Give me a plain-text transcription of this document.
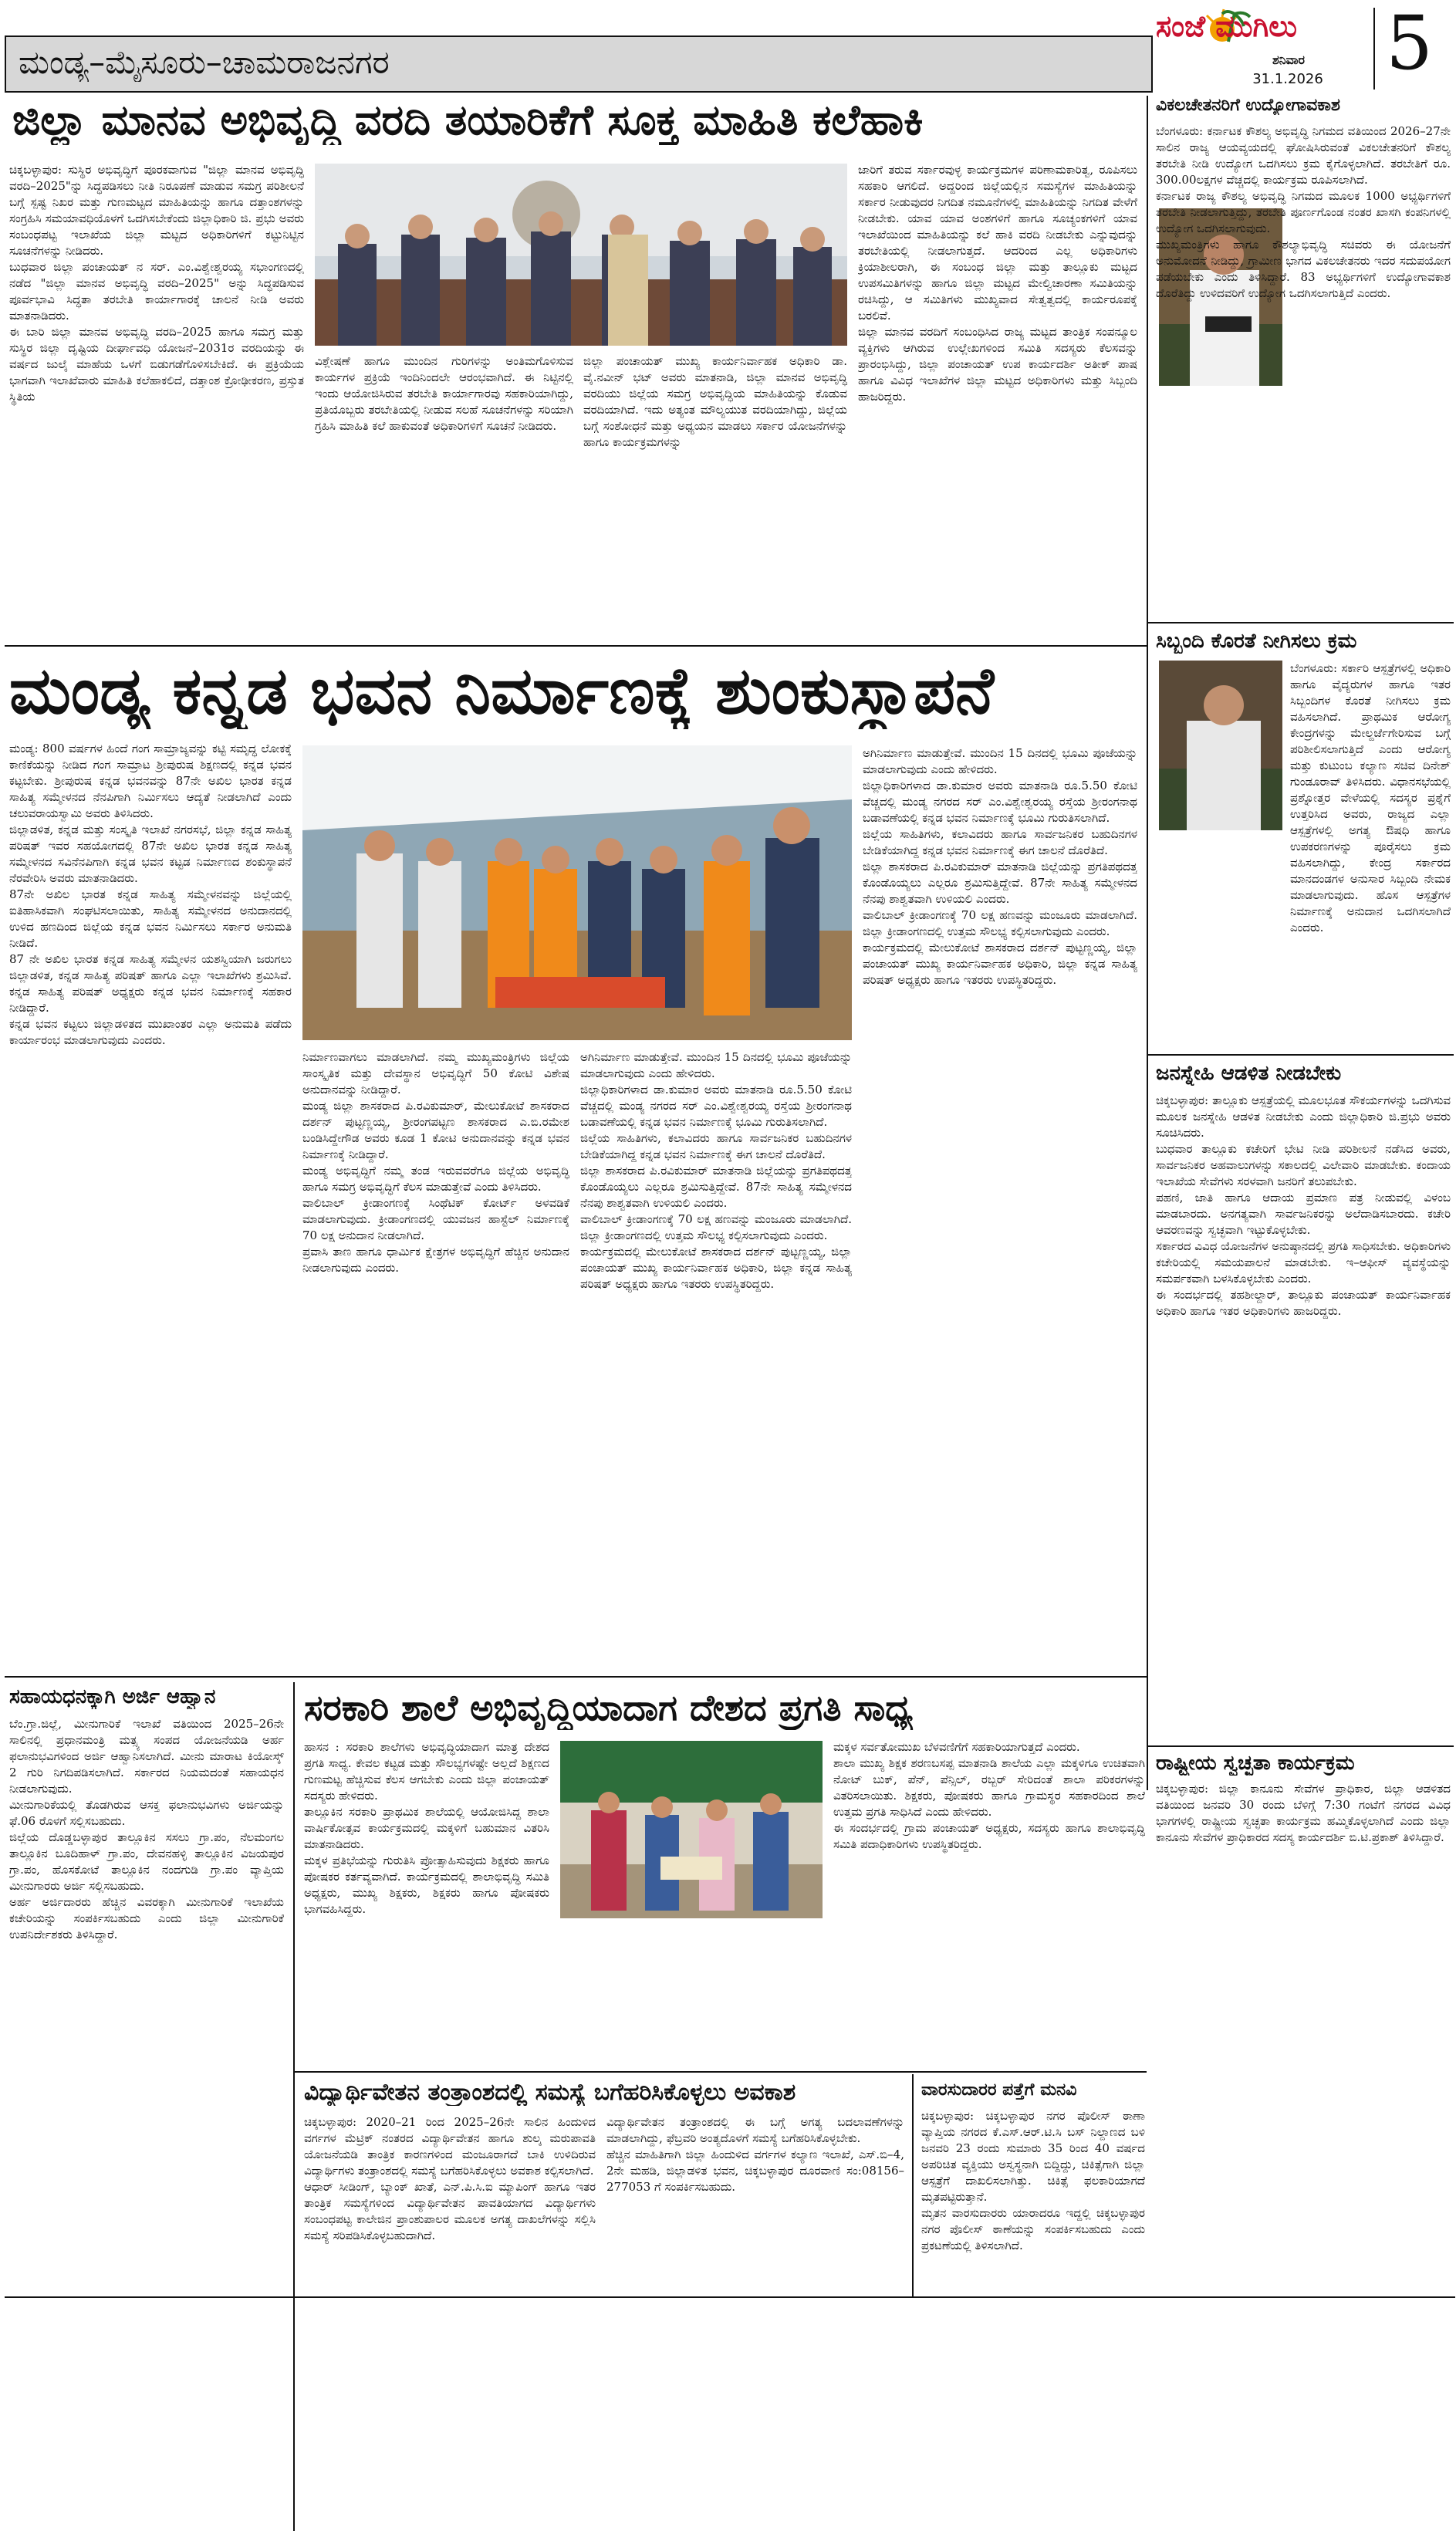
ಮಂಡ್ಯ–ಮೈಸೂರು–ಚಾಮರಾಜನಗರ
ಸಂಜೆ ಮುಗಿಲು
ಶನಿವಾರ
31.1.2026 5
ಜಿಲ್ಲಾ ಮಾನವ ಅಭಿವೃದ್ಧಿ ವರದಿ ತಯಾರಿಕೆಗೆ ಸೂಕ್ತ ಮಾಹಿತಿ ಕಲೆಹಾಕಿ
ಚಿಕ್ಕಬಳ್ಳಾಪುರ: ಸುಸ್ಥಿರ ಅಭಿವೃದ್ಧಿಗೆ ಪೂರಕವಾಗುವ "ಜಿಲ್ಲಾ ಮಾನವ ಅಭಿವೃದ್ಧಿ ವರದಿ–2025"ನ್ನು ಸಿದ್ಧಪಡಿಸಲು ನೀತಿ ನಿರೂಪಣೆ ಮಾಡುವ ಸಮಗ್ರ ಪರಿಶೀಲನೆ ಬಗ್ಗೆ ಸ್ಪಷ್ಟ ನಿಖರ ಮತ್ತು ಗುಣಮಟ್ಟದ ಮಾಹಿತಿಯನ್ನು ಹಾಗೂ ದತ್ತಾಂಶಗಳನ್ನು ಸಂಗ್ರಹಿಸಿ ಸಮಯಾವಧಿಯೊಳಗೆ ಒದಗಿಸಬೇಕೆಂದು ಜಿಲ್ಲಾಧಿಕಾರಿ ಜಿ. ಪ್ರಭು ಅವರು ಸಂಬಂಧಪಟ್ಟ ಇಲಾಖೆಯ ಜಿಲ್ಲಾ ಮಟ್ಟದ ಅಧಿಕಾರಿಗಳಿಗೆ ಕಟ್ಟುನಿಟ್ಟಿನ ಸೂಚನೆಗಳನ್ನು ನೀಡಿದರು.
ಬುಧವಾರ ಜಿಲ್ಲಾ ಪಂಚಾಯತ್ ನ ಸರ್. ಎಂ.ವಿಶ್ವೇಶ್ವರಯ್ಯ ಸಭಾಂಗಣದಲ್ಲಿ ನಡೆದ "ಜಿಲ್ಲಾ ಮಾನವ ಅಭಿವೃದ್ಧಿ ವರದಿ–2025" ಅನ್ನು ಸಿದ್ಧಪಡಿಸುವ ಪೂರ್ವಭಾವಿ ಸಿದ್ಧತಾ ತರಬೇತಿ ಕಾರ್ಯಾಗಾರಕ್ಕೆ ಚಾಲನೆ ನೀಡಿ ಅವರು ಮಾತನಾಡಿದರು.
ಈ ಬಾರಿ ಜಿಲ್ಲಾ ಮಾನವ ಅಭಿವೃದ್ಧಿ ವರದಿ–2025 ಹಾಗೂ ಸಮಗ್ರ ಮತ್ತು ಸುಸ್ಥಿರ ಜಿಲ್ಲಾ ದೃಷ್ಟಿಯ ದೀರ್ಘಾವಧಿ ಯೋಜನೆ–2031ರ ವರದಿಯನ್ನು ಈ ವರ್ಷದ ಜುಲೈ ಮಾಹೆಯ ಒಳಗೆ ಬಿಡುಗಡೆಗೊಳಿಸಬೇಕಿದೆ. ಈ ಪ್ರಕ್ರಿಯೆಯ ಭಾಗವಾಗಿ ಇಲಾಖೆವಾರು ಮಾಹಿತಿ ಕಲೆಹಾಕಲಿದೆ, ದತ್ತಾಂಶ ಕ್ರೋಢೀಕರಣ, ಪ್ರಸ್ತುತ ಸ್ಥಿತಿಯ
ವಿಶ್ಲೇಷಣೆ ಹಾಗೂ ಮುಂದಿನ ಗುರಿಗಳನ್ನು ಅಂತಿಮಗೊಳಿಸುವ ಕಾರ್ಯಗಳ ಪ್ರಕ್ರಿಯೆ ಇಂದಿನಿಂದಲೇ ಆರಂಭವಾಗಿದೆ. ಈ ನಿಟ್ಟಿನಲ್ಲಿ ಇಂದು ಆಯೋಜಿಸಿರುವ ತರಬೇತಿ ಕಾರ್ಯಾಗಾರವು ಸಹಕಾರಿಯಾಗಿದ್ದು, ಪ್ರತಿಯೊಬ್ಬರು ತರಬೇತಿಯಲ್ಲಿ ನೀಡುವ ಸಲಹೆ ಸೂಚನೆಗಳನ್ನು ಸರಿಯಾಗಿ ಗ್ರಹಿಸಿ ಮಾಹಿತಿ ಕಲೆ ಹಾಕುವಂತೆ ಅಧಿಕಾರಿಗಳಿಗೆ ಸೂಚನೆ ನೀಡಿದರು.
ಜಿಲ್ಲಾ ಪಂಚಾಯತ್ ಮುಖ್ಯ ಕಾರ್ಯನಿರ್ವಾಹಕ ಅಧಿಕಾರಿ ಡಾ. ವೈ.ನವೀನ್ ಭಟ್ ಅವರು ಮಾತನಾಡಿ, ಜಿಲ್ಲಾ ಮಾನವ ಅಭಿವೃದ್ಧಿ ವರದಿಯು ಜಿಲ್ಲೆಯ ಸಮಗ್ರ ಅಭಿವೃದ್ಧಿಯ ಮಾಹಿತಿಯನ್ನು ಕೊಡುವ ವರದಿಯಾಗಿದೆ. ಇದು ಅತ್ಯಂತ ಮೌಲ್ಯಯುತ ವರದಿಯಾಗಿದ್ದು, ಜಿಲ್ಲೆಯ ಬಗ್ಗೆ ಸಂಶೋಧನೆ ಮತ್ತು ಅಧ್ಯಯನ ಮಾಡಲು ಸರ್ಕಾರ ಯೋಜನೆಗಳನ್ನು ಹಾಗೂ ಕಾರ್ಯಕ್ರಮಗಳನ್ನು
ಜಾರಿಗೆ ತರುವ ಸರ್ಕಾರವುಳ್ಳ ಕಾರ್ಯಕ್ರಮಗಳ ಪರಿಣಾಮಕಾರಿತ್ವ, ರೂಪಿಸಲು ಸಹಕಾರಿ ಆಗಲಿದೆ. ಅದ್ದರಿಂದ ಜಿಲ್ಲೆಯಲ್ಲಿನ ಸಮಸ್ಯೆಗಳ ಮಾಹಿತಿಯನ್ನು ಸರ್ಕಾರ ನೀಡುವುದರ ನಿಗದಿತ ನಮೂನೆಗಳಲ್ಲಿ ಮಾಹಿತಿಯನ್ನು ನಿಗದಿತ ವೇಳೆಗೆ ನೀಡಬೇಕು. ಯಾವ ಯಾವ ಅಂಶಗಳಿಗೆ ಹಾಗೂ ಸೂಚ್ಯಂಕಗಳಿಗೆ ಯಾವ ಇಲಾಖೆಯಿಂದ ಮಾಹಿತಿಯನ್ನು ಕಲೆ ಹಾಕಿ ವರದಿ ನೀಡಬೇಕು ಎನ್ನುವುದನ್ನು ತರಬೇತಿಯಲ್ಲಿ ನೀಡಲಾಗುತ್ತದೆ. ಆದರಿಂದ ಎಲ್ಲ ಅಧಿಕಾರಿಗಳು ಕ್ರಿಯಾಶೀಲರಾಗಿ, ಈ ಸಂಬಂಧ ಜಿಲ್ಲಾ ಮತ್ತು ತಾಲ್ಲೂಕು ಮಟ್ಟದ ಉಪಸಮಿತಿಗಳನ್ನು ಹಾಗೂ ಜಿಲ್ಲಾ ಮಟ್ಟದ ಮೇಲ್ವಿಚಾರಣಾ ಸಮಿತಿಯನ್ನು ರಚಿಸಿದ್ದು, ಆ ಸಮಿತಿಗಳು ಮುಖ್ಯವಾದ ಸೇತ್ವತ್ವದಲ್ಲಿ ಕಾರ್ಯರೂಪಕ್ಕೆ ಬರಲಿವೆ.
ಜಿಲ್ಲಾ ಮಾನವ ವರದಿಗೆ ಸಂಬಂಧಿಸಿದ ರಾಜ್ಯ ಮಟ್ಟದ ತಾಂತ್ರಿಕ ಸಂಪನ್ಮೂಲ ವ್ಯಕ್ತಿಗಳು ಆಗಿರುವ ಉಲ್ಲೇಖಗಳಿಂದ ಸಮಿತಿ ಸದಸ್ಯರು ಕೆಲಸವನ್ನು ಪ್ರಾರಂಭಿಸಿದ್ದು, ಜಿಲ್ಲಾ ಪಂಚಾಯತ್ ಉಪ ಕಾರ್ಯದರ್ಶಿ ಅತೀಕ್ ಪಾಷ ಹಾಗೂ ವಿವಿಧ ಇಲಾಖೆಗಳ ಜಿಲ್ಲಾ ಮಟ್ಟದ ಅಧಿಕಾರಿಗಳು ಮತ್ತು ಸಿಬ್ಬಂದಿ ಹಾಜರಿದ್ದರು.
ಮಂಡ್ಯ ಕನ್ನಡ ಭವನ ನಿರ್ಮಾಣಕ್ಕೆ ಶುಂಕುಸ್ಥಾಪನೆ
ಮಂಡ್ಯ: 800 ವರ್ಷಗಳ ಹಿಂದೆ ಗಂಗ ಸಾಮ್ರಾಜ್ಯವನ್ನು ಕಟ್ಟಿ ಸಮೃದ್ಧ ಲೋಕಕ್ಕೆ ಕಾಣಿಕೆಯನ್ನು ನೀಡಿದ ಗಂಗ ಸಾಮ್ರಾಟ ಶ್ರೀಪುರುಷ ಶಿಕ್ಷಣದಲ್ಲಿ ಕನ್ನಡ ಭವನ ಕಟ್ಟಬೇಕು. ಶ್ರೀಪುರುಷ ಕನ್ನಡ ಭವನವನ್ನು 87ನೇ ಅಖಿಲ ಭಾರತ ಕನ್ನಡ ಸಾಹಿತ್ಯ ಸಮ್ಮೇಳನದ ನೆನಪಿಗಾಗಿ ನಿರ್ಮಿಸಲು ಆದ್ಯತೆ ನೀಡಲಾಗಿದೆ ಎಂದು ಚಲುವರಾಯಸ್ವಾಮಿ ಅವರು ತಿಳಿಸಿದರು.
ಜಿಲ್ಲಾಡಳಿತ, ಕನ್ನಡ ಮತ್ತು ಸಂಸ್ಕೃತಿ ಇಲಾಖೆ ನಗರಸಭೆ, ಜಿಲ್ಲಾ ಕನ್ನಡ ಸಾಹಿತ್ಯ ಪರಿಷತ್ ಇವರ ಸಹಯೋಗದಲ್ಲಿ 87ನೇ ಅಖಿಲ ಭಾರತ ಕನ್ನಡ ಸಾಹಿತ್ಯ ಸಮ್ಮೇಳನದ ಸವಿನೆನಪಿಗಾಗಿ ಕನ್ನಡ ಭವನ ಕಟ್ಟಡ ನಿರ್ಮಾಣದ ಶಂಕುಸ್ಥಾಪನೆ ನೆರವೇರಿಸಿ ಅವರು ಮಾತನಾಡಿದರು.
87ನೇ ಅಖಿಲ ಭಾರತ ಕನ್ನಡ ಸಾಹಿತ್ಯ ಸಮ್ಮೇಳನವನ್ನು ಜಿಲ್ಲೆಯಲ್ಲಿ ಐತಿಹಾಸಿಕವಾಗಿ ಸಂಘಟಿಸಲಾಯಿತು, ಸಾಹಿತ್ಯ ಸಮ್ಮೇಳನದ ಅನುದಾನದಲ್ಲಿ ಉಳಿದ ಹಣದಿಂದ ಜಿಲ್ಲೆಯ ಕನ್ನಡ ಭವನ ನಿರ್ಮಿಸಲು ಸರ್ಕಾರ ಅನುಮತಿ ನೀಡಿದೆ.
87 ನೇ ಅಖಿಲ ಭಾರತ ಕನ್ನಡ ಸಾಹಿತ್ಯ ಸಮ್ಮೇಳನ ಯಶಸ್ವಿಯಾಗಿ ಜರುಗಲು ಜಿಲ್ಲಾಡಳಿತ, ಕನ್ನಡ ಸಾಹಿತ್ಯ ಪರಿಷತ್ ಹಾಗೂ ಎಲ್ಲಾ ಇಲಾಖೆಗಳು ಶ್ರಮಿಸಿವೆ. ಕನ್ನಡ ಸಾಹಿತ್ಯ ಪರಿಷತ್ ಅಧ್ಯಕ್ಷರು ಕನ್ನಡ ಭವನ ನಿರ್ಮಾಣಕ್ಕೆ ಸಹಕಾರ ನೀಡಿದ್ದಾರೆ.
ಕನ್ನಡ ಭವನ ಕಟ್ಟಲು ಜಿಲ್ಲಾಡಳಿತದ ಮುಖಾಂತರ ಎಲ್ಲಾ ಅನುಮತಿ ಪಡೆದು ಕಾರ್ಯಾರಂಭ ಮಾಡಲಾಗುವುದು ಎಂದರು.
ನಿರ್ಮಾಣವಾಗಲು ಮಾಡಲಾಗಿದೆ. ನಮ್ಮ ಮುಖ್ಯಮಂತ್ರಿಗಳು ಜಿಲ್ಲೆಯ ಸಾಂಸ್ಕೃತಿಕ ಮತ್ತು ದೇವಸ್ಥಾನ ಅಭಿವೃದ್ಧಿಗೆ 50 ಕೋಟಿ ವಿಶೇಷ ಅನುದಾನವನ್ನು ನೀಡಿದ್ದಾರೆ.
ಮಂಡ್ಯ ಜಿಲ್ಲಾ ಶಾಸಕರಾದ ಪಿ.ರವಿಕುಮಾರ್, ಮೇಲುಕೋಟೆ ಶಾಸಕರಾದ ದರ್ಶನ್ ಪುಟ್ಟಣ್ಣಯ್ಯ, ಶ್ರೀರಂಗಪಟ್ಟಣ ಶಾಸಕರಾದ ಎ.ಬಿ.ರಮೇಶ ಬಂಡಿಸಿದ್ದೇಗೌಡ ಅವರು ಕೂಡ 1 ಕೋಟಿ ಅನುದಾನವನ್ನು ಕನ್ನಡ ಭವನ ನಿರ್ಮಾಣಕ್ಕೆ ನೀಡಿದ್ದಾರೆ.
ಮಂಡ್ಯ ಅಭಿವೃದ್ಧಿಗೆ ನಮ್ಮ ತಂಡ ಇರುವವರೆಗೂ ಜಿಲ್ಲೆಯ ಅಭಿವೃದ್ಧಿ ಹಾಗೂ ಸಮಗ್ರ ಅಭಿವೃದ್ಧಿಗೆ ಕೆಲಸ ಮಾಡುತ್ತೇವೆ ಎಂದು ತಿಳಿಸಿದರು.
ವಾಲಿಬಾಲ್ ಕ್ರೀಡಾಂಗಣಕ್ಕೆ ಸಿಂಥೆಟಿಕ್ ಕೋರ್ಟ್ ಅಳವಡಿಕೆ ಮಾಡಲಾಗುವುದು. ಕ್ರೀಡಾಂಗಣದಲ್ಲಿ ಯುವಜನ ಹಾಸ್ಟೆಲ್ ನಿರ್ಮಾಣಕ್ಕೆ 70 ಲಕ್ಷ ಅನುದಾನ ನೀಡಲಾಗಿದೆ.
ಪ್ರವಾಸಿ ತಾಣ ಹಾಗೂ ಧಾರ್ಮಿಕ ಕ್ಷೇತ್ರಗಳ ಅಭಿವೃದ್ಧಿಗೆ ಹೆಚ್ಚಿನ ಅನುದಾನ ನೀಡಲಾಗುವುದು ಎಂದರು.
ಅಗಿನಿರ್ಮಾಣ ಮಾಡುತ್ತೇವೆ. ಮುಂದಿನ 15 ದಿನದಲ್ಲಿ ಭೂಮಿ ಪೂಜೆಯನ್ನು ಮಾಡಲಾಗುವುದು ಎಂದು ಹೇಳಿದರು.
ಜಿಲ್ಲಾಧಿಕಾರಿಗಳಾದ ಡಾ.ಕುಮಾರ ಅವರು ಮಾತನಾಡಿ ರೂ.5.50 ಕೋಟಿ ವೆಚ್ಚದಲ್ಲಿ ಮಂಡ್ಯ ನಗರದ ಸರ್ ಎಂ.ವಿಶ್ವೇಶ್ವರಯ್ಯ ರಸ್ತೆಯ ಶ್ರೀರಂಗನಾಥ ಬಡಾವಣೆಯಲ್ಲಿ ಕನ್ನಡ ಭವನ ನಿರ್ಮಾಣಕ್ಕೆ ಭೂಮಿ ಗುರುತಿಸಲಾಗಿದೆ.
ಜಿಲ್ಲೆಯ ಸಾಹಿತಿಗಳು, ಕಲಾವಿದರು ಹಾಗೂ ಸಾರ್ವಜನಿಕರ ಬಹುದಿನಗಳ ಬೇಡಿಕೆಯಾಗಿದ್ದ ಕನ್ನಡ ಭವನ ನಿರ್ಮಾಣಕ್ಕೆ ಈಗ ಚಾಲನೆ ದೊರೆತಿದೆ.
ಜಿಲ್ಲಾ ಶಾಸಕರಾದ ಪಿ.ರವಿಕುಮಾರ್ ಮಾತನಾಡಿ ಜಿಲ್ಲೆಯನ್ನು ಪ್ರಗತಿಪಥದತ್ತ ಕೊಂಡೊಯ್ಯಲು ಎಲ್ಲರೂ ಶ್ರಮಿಸುತ್ತಿದ್ದೇವೆ. 87ನೇ ಸಾಹಿತ್ಯ ಸಮ್ಮೇಳನದ ನೆನಪು ಶಾಶ್ವತವಾಗಿ ಉಳಿಯಲಿ ಎಂದರು.
ವಾಲಿಬಾಲ್ ಕ್ರೀಡಾಂಗಣಕ್ಕೆ 70 ಲಕ್ಷ ಹಣವನ್ನು ಮಂಜೂರು ಮಾಡಲಾಗಿದೆ. ಜಿಲ್ಲಾ ಕ್ರೀಡಾಂಗಣದಲ್ಲಿ ಉತ್ತಮ ಸೌಲಭ್ಯ ಕಲ್ಪಿಸಲಾಗುವುದು ಎಂದರು.
ಕಾರ್ಯಕ್ರಮದಲ್ಲಿ ಮೇಲುಕೋಟೆ ಶಾಸಕರಾದ ದರ್ಶನ್ ಪುಟ್ಟಣ್ಣಯ್ಯ, ಜಿಲ್ಲಾ ಪಂಚಾಯತ್ ಮುಖ್ಯ ಕಾರ್ಯನಿರ್ವಾಹಕ ಅಧಿಕಾರಿ, ಜಿಲ್ಲಾ ಕನ್ನಡ ಸಾಹಿತ್ಯ ಪರಿಷತ್ ಅಧ್ಯಕ್ಷರು ಹಾಗೂ ಇತರರು ಉಪಸ್ಥಿತರಿದ್ದರು.
ಅಗಿನಿರ್ಮಾಣ ಮಾಡುತ್ತೇವೆ. ಮುಂದಿನ 15 ದಿನದಲ್ಲಿ ಭೂಮಿ ಪೂಜೆಯನ್ನು ಮಾಡಲಾಗುವುದು ಎಂದು ಹೇಳಿದರು.
ಜಿಲ್ಲಾಧಿಕಾರಿಗಳಾದ ಡಾ.ಕುಮಾರ ಅವರು ಮಾತನಾಡಿ ರೂ.5.50 ಕೋಟಿ ವೆಚ್ಚದಲ್ಲಿ ಮಂಡ್ಯ ನಗರದ ಸರ್ ಎಂ.ವಿಶ್ವೇಶ್ವರಯ್ಯ ರಸ್ತೆಯ ಶ್ರೀರಂಗನಾಥ ಬಡಾವಣೆಯಲ್ಲಿ ಕನ್ನಡ ಭವನ ನಿರ್ಮಾಣಕ್ಕೆ ಭೂಮಿ ಗುರುತಿಸಲಾಗಿದೆ.
ಜಿಲ್ಲೆಯ ಸಾಹಿತಿಗಳು, ಕಲಾವಿದರು ಹಾಗೂ ಸಾರ್ವಜನಿಕರ ಬಹುದಿನಗಳ ಬೇಡಿಕೆಯಾಗಿದ್ದ ಕನ್ನಡ ಭವನ ನಿರ್ಮಾಣಕ್ಕೆ ಈಗ ಚಾಲನೆ ದೊರೆತಿದೆ.
ಜಿಲ್ಲಾ ಶಾಸಕರಾದ ಪಿ.ರವಿಕುಮಾರ್ ಮಾತನಾಡಿ ಜಿಲ್ಲೆಯನ್ನು ಪ್ರಗತಿಪಥದತ್ತ ಕೊಂಡೊಯ್ಯಲು ಎಲ್ಲರೂ ಶ್ರಮಿಸುತ್ತಿದ್ದೇವೆ. 87ನೇ ಸಾಹಿತ್ಯ ಸಮ್ಮೇಳನದ ನೆನಪು ಶಾಶ್ವತವಾಗಿ ಉಳಿಯಲಿ ಎಂದರು.
ವಾಲಿಬಾಲ್ ಕ್ರೀಡಾಂಗಣಕ್ಕೆ 70 ಲಕ್ಷ ಹಣವನ್ನು ಮಂಜೂರು ಮಾಡಲಾಗಿದೆ. ಜಿಲ್ಲಾ ಕ್ರೀಡಾಂಗಣದಲ್ಲಿ ಉತ್ತಮ ಸೌಲಭ್ಯ ಕಲ್ಪಿಸಲಾಗುವುದು ಎಂದರು.
ಕಾರ್ಯಕ್ರಮದಲ್ಲಿ ಮೇಲುಕೋಟೆ ಶಾಸಕರಾದ ದರ್ಶನ್ ಪುಟ್ಟಣ್ಣಯ್ಯ, ಜಿಲ್ಲಾ ಪಂಚಾಯತ್ ಮುಖ್ಯ ಕಾರ್ಯನಿರ್ವಾಹಕ ಅಧಿಕಾರಿ, ಜಿಲ್ಲಾ ಕನ್ನಡ ಸಾಹಿತ್ಯ ಪರಿಷತ್ ಅಧ್ಯಕ್ಷರು ಹಾಗೂ ಇತರರು ಉಪಸ್ಥಿತರಿದ್ದರು.
ಸಹಾಯಧನಕ್ಕಾಗಿ ಅರ್ಜಿ ಆಹ್ವಾನ
ಬೆಂ.ಗ್ರಾ.ಜಿಲ್ಲೆ, ಮೀನುಗಾರಿಕೆ ಇಲಾಖೆ ವತಿಯಿಂದ 2025–26ನೇ ಸಾಲಿನಲ್ಲಿ ಪ್ರಧಾನಮಂತ್ರಿ ಮತ್ಸ್ಯ ಸಂಪದ ಯೋಜನೆಯಡಿ ಅರ್ಹ ಫಲಾನುಭವಿಗಳಿಂದ ಅರ್ಜಿ ಆಹ್ವಾನಿಸಲಾಗಿದೆ. ಮೀನು ಮಾರಾಟ ಕಿಯೋಸ್ಕ್ 2 ಗುರಿ ನಿಗದಿಪಡಿಸಲಾಗಿದೆ. ಸರ್ಕಾರದ ನಿಯಮದಂತೆ ಸಹಾಯಧನ ನೀಡಲಾಗುವುದು.
ಮೀನುಗಾರಿಕೆಯಲ್ಲಿ ತೊಡಗಿರುವ ಆಸಕ್ತ ಫಲಾನುಭವಿಗಳು ಅರ್ಜಿಯನ್ನು ಫೆ.06 ರೊಳಗೆ ಸಲ್ಲಿಸಬಹುದು.
ಜಿಲ್ಲೆಯ ದೊಡ್ಡಬಳ್ಳಾಪುರ ತಾಲ್ಲೂಕಿನ ಸಸಲು ಗ್ರಾ.ಪಂ, ನೆಲಮಂಗಲ ತಾಲ್ಲೂಕಿನ ಬೂದಿಹಾಳ್ ಗ್ರಾ.ಪಂ, ದೇವನಹಳ್ಳಿ ತಾಲ್ಲೂಕಿನ ವಿಜಯಪುರ ಗ್ರಾ.ಪಂ, ಹೊಸಕೋಟೆ ತಾಲ್ಲೂಕಿನ ನಂದಗುಡಿ ಗ್ರಾ.ಪಂ ವ್ಯಾಪ್ತಿಯ ಮೀನುಗಾರರು ಅರ್ಜಿ ಸಲ್ಲಿಸಬಹುದು.
ಅರ್ಹ ಅರ್ಜಿದಾರರು ಹೆಚ್ಚಿನ ವಿವರಕ್ಕಾಗಿ ಮೀನುಗಾರಿಕೆ ಇಲಾಖೆಯ ಕಚೇರಿಯನ್ನು ಸಂಪರ್ಕಿಸಬಹುದು ಎಂದು ಜಿಲ್ಲಾ ಮೀನುಗಾರಿಕೆ ಉಪನಿರ್ದೇಶಕರು ತಿಳಿಸಿದ್ದಾರೆ.
ಸರಕಾರಿ ಶಾಲೆ ಅಭಿವೃದ್ಧಿಯಾದಾಗ ದೇಶದ ಪ್ರಗತಿ ಸಾಧ್ಯ
ಹಾಸನ : ಸರಕಾರಿ ಶಾಲೆಗಳು ಅಭಿವೃದ್ಧಿಯಾದಾಗ ಮಾತ್ರ ದೇಶದ ಪ್ರಗತಿ ಸಾಧ್ಯ. ಕೇವಲ ಕಟ್ಟಡ ಮತ್ತು ಸೌಲಭ್ಯಗಳಷ್ಟೇ ಅಲ್ಲದೆ ಶಿಕ್ಷಣದ ಗುಣಮಟ್ಟ ಹೆಚ್ಚಿಸುವ ಕೆಲಸ ಆಗಬೇಕು ಎಂದು ಜಿಲ್ಲಾ ಪಂಚಾಯತ್ ಸದಸ್ಯರು ಹೇಳಿದರು.
ತಾಲ್ಲೂಕಿನ ಸರಕಾರಿ ಪ್ರಾಥಮಿಕ ಶಾಲೆಯಲ್ಲಿ ಆಯೋಜಿಸಿದ್ದ ಶಾಲಾ ವಾರ್ಷಿಕೋತ್ಸವ ಕಾರ್ಯಕ್ರಮದಲ್ಲಿ ಮಕ್ಕಳಿಗೆ ಬಹುಮಾನ ವಿತರಿಸಿ ಮಾತನಾಡಿದರು.
ಮಕ್ಕಳ ಪ್ರತಿಭೆಯನ್ನು ಗುರುತಿಸಿ ಪ್ರೋತ್ಸಾಹಿಸುವುದು ಶಿಕ್ಷಕರು ಹಾಗೂ ಪೋಷಕರ ಕರ್ತವ್ಯವಾಗಿದೆ. ಕಾರ್ಯಕ್ರಮದಲ್ಲಿ ಶಾಲಾಭಿವೃದ್ಧಿ ಸಮಿತಿ ಅಧ್ಯಕ್ಷರು, ಮುಖ್ಯ ಶಿಕ್ಷಕರು, ಶಿಕ್ಷಕರು ಹಾಗೂ ಪೋಷಕರು ಭಾಗವಹಿಸಿದ್ದರು.
ಮಕ್ಕಳ ಸರ್ವತೋಮುಖ ಬೆಳವಣಿಗೆಗೆ ಸಹಕಾರಿಯಾಗುತ್ತದೆ ಎಂದರು.
ಶಾಲಾ ಮುಖ್ಯ ಶಿಕ್ಷಕ ಶರಣಬಸಪ್ಪ ಮಾತನಾಡಿ ಶಾಲೆಯ ಎಲ್ಲಾ ಮಕ್ಕಳಿಗೂ ಉಚಿತವಾಗಿ ನೋಟ್ ಬುಕ್, ಪೆನ್, ಪೆನ್ಸಿಲ್, ರಬ್ಬರ್ ಸೇರಿದಂತೆ ಶಾಲಾ ಪರಿಕರಗಳನ್ನು ವಿತರಿಸಲಾಯಿತು. ಶಿಕ್ಷಕರು, ಪೋಷಕರು ಹಾಗೂ ಗ್ರಾಮಸ್ಥರ ಸಹಕಾರದಿಂದ ಶಾಲೆ ಉತ್ತಮ ಪ್ರಗತಿ ಸಾಧಿಸಿದೆ ಎಂದು ಹೇಳಿದರು.
ಈ ಸಂದರ್ಭದಲ್ಲಿ ಗ್ರಾಮ ಪಂಚಾಯತ್ ಅಧ್ಯಕ್ಷರು, ಸದಸ್ಯರು ಹಾಗೂ ಶಾಲಾಭಿವೃದ್ಧಿ ಸಮಿತಿ ಪದಾಧಿಕಾರಿಗಳು ಉಪಸ್ಥಿತರಿದ್ದರು.
ವಿದ್ಯಾರ್ಥಿವೇತನ ತಂತ್ರಾಂಶದಲ್ಲಿ ಸಮಸ್ಯೆ ಬಗೆಹರಿಸಿಕೊಳ್ಳಲು ಅವಕಾಶ
ಚಿಕ್ಕಬಳ್ಳಾಪುರ: 2020–21 ರಿಂದ 2025–26ನೇ ಸಾಲಿನ ಹಿಂದುಳಿದ ವರ್ಗಗಳ ಮೆಟ್ರಿಕ್ ನಂತರದ ವಿದ್ಯಾರ್ಥಿವೇತನ ಹಾಗೂ ಶುಲ್ಕ ಮರುಪಾವತಿ ಯೋಜನೆಯಡಿ ತಾಂತ್ರಿಕ ಕಾರಣಗಳಿಂದ ಮಂಜೂರಾಗದೆ ಬಾಕಿ ಉಳಿದಿರುವ ವಿದ್ಯಾರ್ಥಿಗಳು ತಂತ್ರಾಂಶದಲ್ಲಿ ಸಮಸ್ಯೆ ಬಗೆಹರಿಸಿಕೊಳ್ಳಲು ಅವಕಾಶ ಕಲ್ಪಿಸಲಾಗಿದೆ.
ಆಧಾರ್ ಸೀಡಿಂಗ್, ಬ್ಯಾಂಕ್ ಖಾತೆ, ಎನ್.ಪಿ.ಸಿ.ಐ ಮ್ಯಾಪಿಂಗ್ ಹಾಗೂ ಇತರ ತಾಂತ್ರಿಕ ಸಮಸ್ಯೆಗಳಿಂದ ವಿದ್ಯಾರ್ಥಿವೇತನ ಪಾವತಿಯಾಗದ ವಿದ್ಯಾರ್ಥಿಗಳು ಸಂಬಂಧಪಟ್ಟ ಕಾಲೇಜಿನ ಪ್ರಾಂಶುಪಾಲರ ಮೂಲಕ ಅಗತ್ಯ ದಾಖಲೆಗಳನ್ನು ಸಲ್ಲಿಸಿ ಸಮಸ್ಯೆ ಸರಿಪಡಿಸಿಕೊಳ್ಳಬಹುದಾಗಿದೆ.
ವಿದ್ಯಾರ್ಥಿವೇತನ ತಂತ್ರಾಂಶದಲ್ಲಿ ಈ ಬಗ್ಗೆ ಅಗತ್ಯ ಬದಲಾವಣೆಗಳನ್ನು ಮಾಡಲಾಗಿದ್ದು, ಫೆಬ್ರವರಿ ಅಂತ್ಯದೊಳಗೆ ಸಮಸ್ಯೆ ಬಗೆಹರಿಸಿಕೊಳ್ಳಬೇಕು.
ಹೆಚ್ಚಿನ ಮಾಹಿತಿಗಾಗಿ ಜಿಲ್ಲಾ ಹಿಂದುಳಿದ ವರ್ಗಗಳ ಕಲ್ಯಾಣ ಇಲಾಖೆ, ಎಸ್.ಬಿ–4, 2ನೇ ಮಹಡಿ, ಜಿಲ್ಲಾಡಳಿತ ಭವನ, ಚಿಕ್ಕಬಳ್ಳಾಪುರ ದೂರವಾಣಿ ಸಂ:08156–277053 ಗೆ ಸಂಪರ್ಕಿಸಬಹುದು.
ವಾರಸುದಾರರ ಪತ್ತೆಗೆ ಮನವಿ
ಚಿಕ್ಕಬಳ್ಳಾಪುರ: ಚಿಕ್ಕಬಳ್ಳಾಪುರ ನಗರ ಪೊಲೀಸ್ ಠಾಣಾ ವ್ಯಾಪ್ತಿಯ ನಗರದ ಕೆ.ಎಸ್.ಆರ್.ಟಿ.ಸಿ ಬಸ್ ನಿಲ್ದಾಣದ ಬಳಿ ಜನವರಿ 23 ರಂದು ಸುಮಾರು 35 ರಿಂದ 40 ವರ್ಷದ ಅಪರಿಚಿತ ವ್ಯಕ್ತಿಯು ಅಸ್ವಸ್ಥನಾಗಿ ಬಿದ್ದಿದ್ದು, ಚಿಕಿತ್ಸೆಗಾಗಿ ಜಿಲ್ಲಾ ಆಸ್ಪತ್ರೆಗೆ ದಾಖಲಿಸಲಾಗಿತ್ತು. ಚಿಕಿತ್ಸೆ ಫಲಕಾರಿಯಾಗದೆ ಮೃತಪಟ್ಟಿರುತ್ತಾನೆ.
ಮೃತನ ವಾರಸುದಾರರು ಯಾರಾದರೂ ಇದ್ದಲ್ಲಿ ಚಿಕ್ಕಬಳ್ಳಾಪುರ ನಗರ ಪೊಲೀಸ್ ಠಾಣೆಯನ್ನು ಸಂಪರ್ಕಿಸಬಹುದು ಎಂದು ಪ್ರಕಟಣೆಯಲ್ಲಿ ತಿಳಿಸಲಾಗಿದೆ.
ವಿಕಲಚೇತನರಿಗೆ ಉದ್ಯೋಗಾವಕಾಶ
ಬೆಂಗಳೂರು: ಕರ್ನಾಟಕ ಕೌಶಲ್ಯ ಅಭಿವೃದ್ಧಿ ನಿಗಮದ ವತಿಯಿಂದ 2026–27ನೇ ಸಾಲಿನ ರಾಜ್ಯ ಆಯವ್ಯಯದಲ್ಲಿ ಘೋಷಿಸಿರುವಂತೆ ವಿಕಲಚೇತನರಿಗೆ ಕೌಶಲ್ಯ ತರಬೇತಿ ನೀಡಿ ಉದ್ಯೋಗ ಒದಗಿಸಲು ಕ್ರಮ ಕೈಗೊಳ್ಳಲಾಗಿದೆ. ತರಬೇತಿಗೆ ರೂ. 300.00ಲಕ್ಷಗಳ ವೆಚ್ಚದಲ್ಲಿ ಕಾರ್ಯಕ್ರಮ ರೂಪಿಸಲಾಗಿದೆ.
ಕರ್ನಾಟಕ ರಾಜ್ಯ ಕೌಶಲ್ಯ ಅಭಿವೃದ್ಧಿ ನಿಗಮದ ಮೂಲಕ 1000 ಅಭ್ಯರ್ಥಿಗಳಿಗೆ ತರಬೇತಿ ನೀಡಲಾಗುತ್ತಿದ್ದು, ತರಬೇತಿ ಪೂರ್ಣಗೊಂಡ ನಂತರ ಖಾಸಗಿ ಕಂಪನಿಗಳಲ್ಲಿ ಉದ್ಯೋಗ ಒದಗಿಸಲಾಗುವುದು.
ಮುಖ್ಯಮಂತ್ರಿಗಳು ಹಾಗೂ ಕೌಶಲ್ಯಾಭಿವೃದ್ಧಿ ಸಚಿವರು ಈ ಯೋಜನೆಗೆ ಅನುಮೋದನೆ ನೀಡಿದ್ದು, ಗ್ರಾಮೀಣ ಭಾಗದ ವಿಕಲಚೇತನರು ಇದರ ಸದುಪಯೋಗ ಪಡೆಯಬೇಕು ಎಂದು ತಿಳಿಸಿದ್ದಾರೆ. 83 ಅಭ್ಯರ್ಥಿಗಳಿಗೆ ಉದ್ಯೋಗಾವಕಾಶ ದೊರೆತಿದ್ದು ಉಳಿದವರಿಗೆ ಉದ್ಯೋಗ ಒದಗಿಸಲಾಗುತ್ತಿದೆ ಎಂದರು.
ಸಿಬ್ಬಂದಿ ಕೊರತೆ ನೀಗಿಸಲು ಕ್ರಮ
ಬೆಂಗಳೂರು: ಸರ್ಕಾರಿ ಆಸ್ಪತ್ರೆಗಳಲ್ಲಿ ಅಧಿಕಾರಿ ಹಾಗೂ ವೈದ್ಯರುಗಳ ಹಾಗೂ ಇತರ ಸಿಬ್ಬಂದಿಗಳ ಕೊರತೆ ನೀಗಿಸಲು ಕ್ರಮ ವಹಿಸಲಾಗಿದೆ. ಪ್ರಾಥಮಿಕ ಆರೋಗ್ಯ ಕೇಂದ್ರಗಳನ್ನು ಮೇಲ್ದರ್ಜೆಗೇರಿಸುವ ಬಗ್ಗೆ ಪರಿಶೀಲಿಸಲಾಗುತ್ತಿದೆ ಎಂದು ಆರೋಗ್ಯ ಮತ್ತು ಕುಟುಂಬ ಕಲ್ಯಾಣ ಸಚಿವ ದಿನೇಶ್ ಗುಂಡೂರಾವ್ ತಿಳಿಸಿದರು. ವಿಧಾನಸಭೆಯಲ್ಲಿ ಪ್ರಶ್ನೋತ್ತರ ವೇಳೆಯಲ್ಲಿ ಸದಸ್ಯರ ಪ್ರಶ್ನೆಗೆ ಉತ್ತರಿಸಿದ ಅವರು, ರಾಜ್ಯದ ಎಲ್ಲಾ ಆಸ್ಪತ್ರೆಗಳಲ್ಲಿ ಅಗತ್ಯ ಔಷಧಿ ಹಾಗೂ ಉಪಕರಣಗಳನ್ನು ಪೂರೈಸಲು ಕ್ರಮ ವಹಿಸಲಾಗಿದ್ದು, ಕೇಂದ್ರ ಸರ್ಕಾರದ ಮಾನದಂಡಗಳ ಅನುಸಾರ ಸಿಬ್ಬಂದಿ ನೇಮಕ ಮಾಡಲಾಗುವುದು. ಹೊಸ ಆಸ್ಪತ್ರೆಗಳ ನಿರ್ಮಾಣಕ್ಕೆ ಅನುದಾನ ಒದಗಿಸಲಾಗಿದೆ ಎಂದರು.
ಜನಸ್ನೇಹಿ ಆಡಳಿತ ನೀಡಬೇಕು
ಚಿಕ್ಕಬಳ್ಳಾಪುರ: ತಾಲ್ಲೂಕು ಆಸ್ಪತ್ರೆಯಲ್ಲಿ ಮೂಲಭೂತ ಸೌಕರ್ಯಗಳನ್ನು ಒದಗಿಸುವ ಮೂಲಕ ಜನಸ್ನೇಹಿ ಆಡಳಿತ ನೀಡಬೇಕು ಎಂದು ಜಿಲ್ಲಾಧಿಕಾರಿ ಜಿ.ಪ್ರಭು ಅವರು ಸೂಚಿಸಿದರು.
ಬುಧವಾರ ತಾಲ್ಲೂಕು ಕಚೇರಿಗೆ ಭೇಟಿ ನೀಡಿ ಪರಿಶೀಲನೆ ನಡೆಸಿದ ಅವರು, ಸಾರ್ವಜನಿಕರ ಅಹವಾಲುಗಳನ್ನು ಸಕಾಲದಲ್ಲಿ ವಿಲೇವಾರಿ ಮಾಡಬೇಕು. ಕಂದಾಯ ಇಲಾಖೆಯ ಸೇವೆಗಳು ಸರಳವಾಗಿ ಜನರಿಗೆ ತಲುಪಬೇಕು.
ಪಹಣಿ, ಜಾತಿ ಹಾಗೂ ಆದಾಯ ಪ್ರಮಾಣ ಪತ್ರ ನೀಡುವಲ್ಲಿ ವಿಳಂಬ ಮಾಡಬಾರದು. ಅನಗತ್ಯವಾಗಿ ಸಾರ್ವಜನಿಕರನ್ನು ಅಲೆದಾಡಿಸಬಾರದು. ಕಚೇರಿ ಆವರಣವನ್ನು ಸ್ವಚ್ಛವಾಗಿ ಇಟ್ಟುಕೊಳ್ಳಬೇಕು.
ಸರ್ಕಾರದ ವಿವಿಧ ಯೋಜನೆಗಳ ಅನುಷ್ಠಾನದಲ್ಲಿ ಪ್ರಗತಿ ಸಾಧಿಸಬೇಕು. ಅಧಿಕಾರಿಗಳು ಕಚೇರಿಯಲ್ಲಿ ಸಮಯಪಾಲನೆ ಮಾಡಬೇಕು. ಇ–ಆಫೀಸ್ ವ್ಯವಸ್ಥೆಯನ್ನು ಸಮರ್ಪಕವಾಗಿ ಬಳಸಿಕೊಳ್ಳಬೇಕು ಎಂದರು.
ಈ ಸಂದರ್ಭದಲ್ಲಿ ತಹಶೀಲ್ದಾರ್, ತಾಲ್ಲೂಕು ಪಂಚಾಯತ್ ಕಾರ್ಯನಿರ್ವಾಹಕ ಅಧಿಕಾರಿ ಹಾಗೂ ಇತರ ಅಧಿಕಾರಿಗಳು ಹಾಜರಿದ್ದರು.
ರಾಷ್ಟ್ರೀಯ ಸ್ವಚ್ಛತಾ ಕಾರ್ಯಕ್ರಮ
ಚಿಕ್ಕಬಳ್ಳಾಪುರ: ಜಿಲ್ಲಾ ಕಾನೂನು ಸೇವೆಗಳ ಪ್ರಾಧಿಕಾರ, ಜಿಲ್ಲಾ ಆಡಳಿತದ ವತಿಯಿಂದ ಜನವರಿ 30 ರಂದು ಬೆಳಿಗ್ಗೆ 7:30 ಗಂಟೆಗೆ ನಗರದ ವಿವಿಧ ಭಾಗಗಳಲ್ಲಿ ರಾಷ್ಟ್ರೀಯ ಸ್ವಚ್ಛತಾ ಕಾರ್ಯಕ್ರಮ ಹಮ್ಮಿಕೊಳ್ಳಲಾಗಿದೆ ಎಂದು ಜಿಲ್ಲಾ ಕಾನೂನು ಸೇವೆಗಳ ಪ್ರಾಧಿಕಾರದ ಸದಸ್ಯ ಕಾರ್ಯದರ್ಶಿ ಬಿ.ಟಿ.ಪ್ರಕಾಶ್ ತಿಳಿಸಿದ್ದಾರೆ.
